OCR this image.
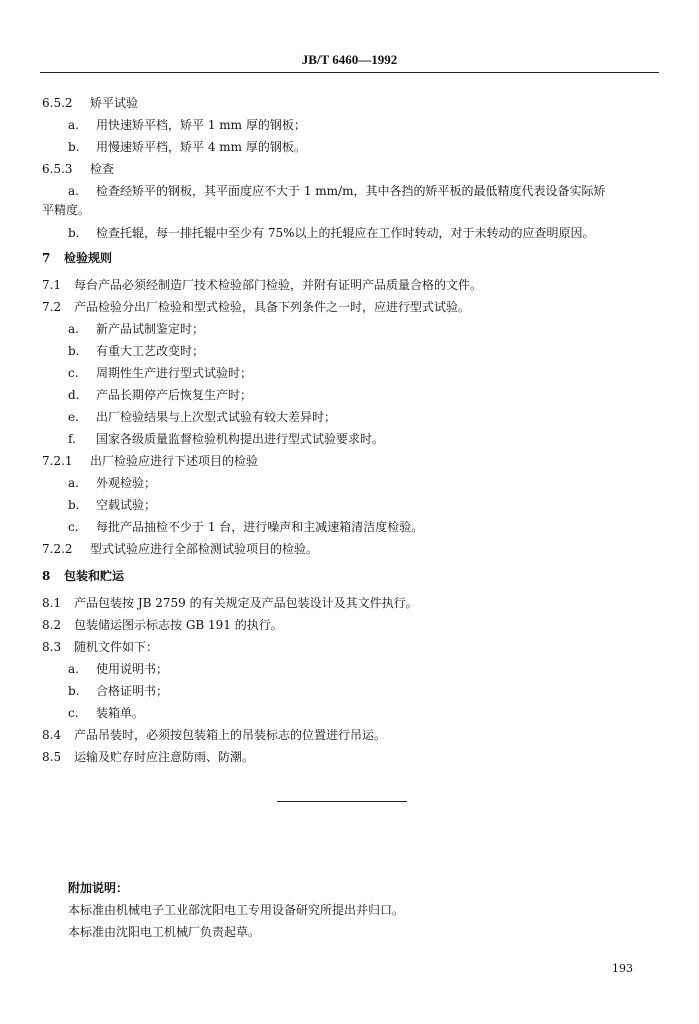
JB/T 6460—1992
6.5.2 矫平试验
a. 用快速矫平档，矫平 1 mm 厚的钢板；
b. 用慢速矫平档，矫平 4 mm 厚的钢板。
6.5.3 检查
a. 检查经矫平的钢板，其平面度应不大于 1 mm/m，其中各挡的矫平板的最低精度代表设备实际矫
平精度。
b. 检查托辊，每一排托辊中至少有 75%以上的托辊应在工作时转动，对于未转动的应查明原因。
7 检验规则
7.1 每台产品必须经制造厂技术检验部门检验，并附有证明产品质量合格的文件。
7.2 产品检验分出厂检验和型式检验，具备下列条件之一时，应进行型式试验。
a. 新产品试制鉴定时；
b. 有重大工艺改变时；
c. 周期性生产进行型式试验时；
d. 产品长期停产后恢复生产时；
e. 出厂检验结果与上次型式试验有较大差异时；
f. 国家各级质量监督检验机构提出进行型式试验要求时。
7.2.1 出厂检验应进行下述项目的检验
a. 外观检验；
b. 空载试验；
c. 每批产品抽检不少于 1 台，进行噪声和主减速箱清洁度检验。
7.2.2 型式试验应进行全部检测试验项目的检验。
8 包装和贮运
8.1 产品包装按 JB 2759 的有关规定及产品包装设计及其文件执行。
8.2 包装储运图示标志按 GB 191 的执行。
8.3 随机文件如下：
a. 使用说明书；
b. 合格证明书；
c. 装箱单。
8.4 产品吊装时，必须按包装箱上的吊装标志的位置进行吊运。
8.5 运输及贮存时应注意防雨、防潮。
附加说明：
本标准由机械电子工业部沈阳电工专用设备研究所提出并归口。
本标准由沈阳电工机械厂负责起草。
193
